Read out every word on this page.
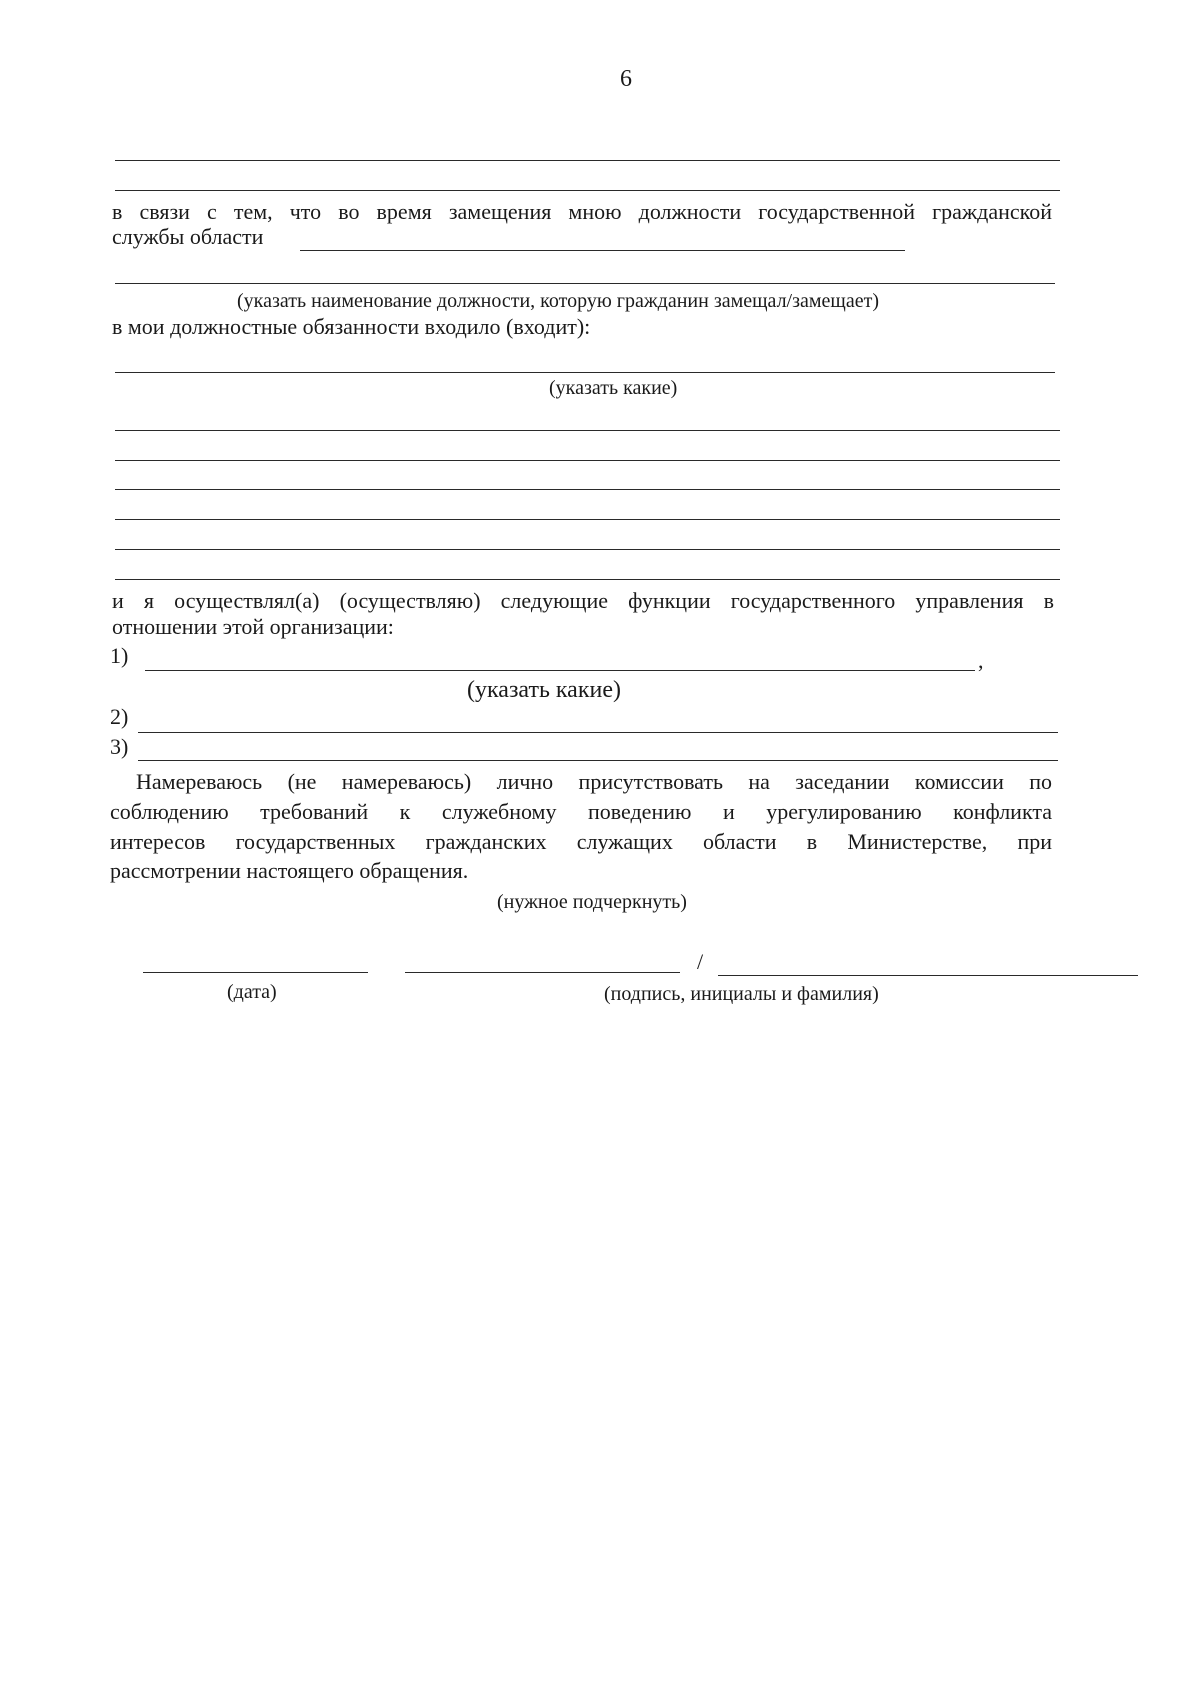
6
в связи с тем, что во время замещения мною должности государственной гражданской
службы области
(указать наименование должности, которую гражданин замещал/замещает)
в мои должностные обязанности входило (входит):
(указать какие)
и я осуществлял(а) (осуществляю) следующие функции государственного управления в
отношении этой организации:
1)	,
(указать какие)
2)
3)
Намереваюсь (не намереваюсь) лично присутствовать на заседании комиссии по
соблюдению требований к служебному поведению и урегулированию конфликта
интересов государственных гражданских служащих области в Министерстве, при
рассмотрении настоящего обращения.
(нужное подчеркнуть)
/
(дата)	(подпись, инициалы и фамилия)
